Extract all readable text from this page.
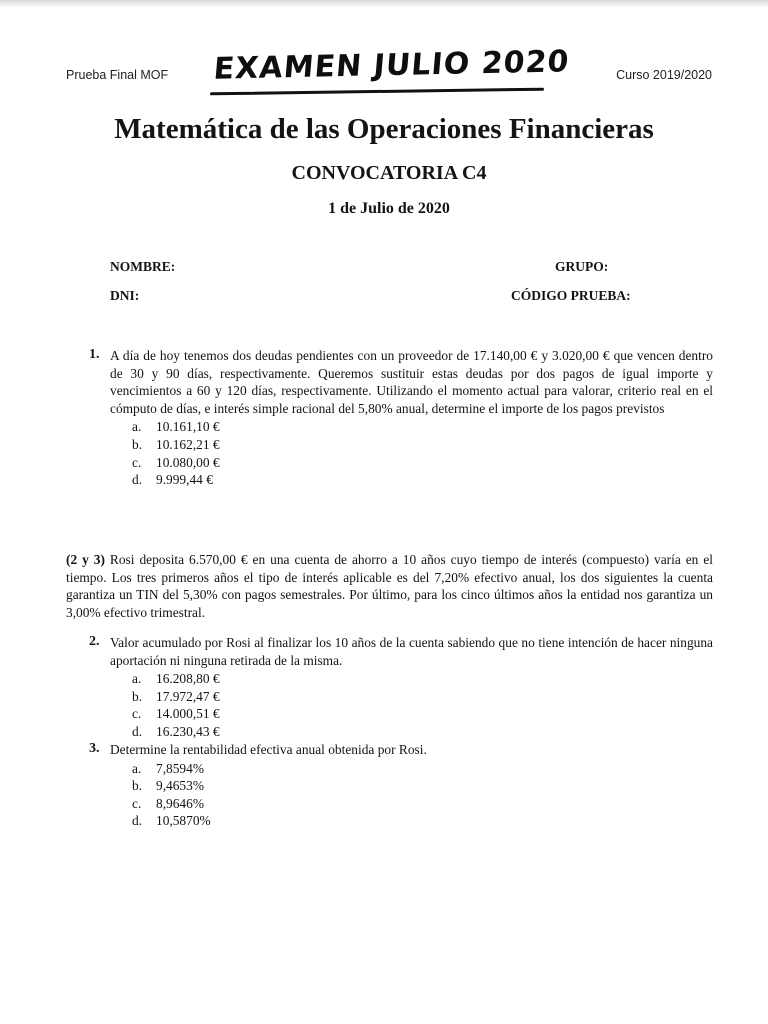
Prueba Final MOF EXAMEN JULIO 2020	Curso 2019/2020
Matemática de las Operaciones Financieras
CONVOCATORIA C4
1 de Julio de 2020
NOMBRE:	GRUPO:
DNI:	CÓDIGO PRUEBA:
1. A día de hoy tenemos dos deudas pendientes con un proveedor de 17.140,00 € y 3.020,00 € que vencen dentro de 30 y 90 días, respectivamente. Queremos sustituir estas deudas por dos pagos de igual importe y vencimientos a 60 y 120 días, respectivamente. Utilizando el momento actual para valorar, criterio real en el cómputo de días, e interés simple racional del 5,80% anual, determine el importe de los pagos previstos
a.	10.161,10 €
b.	10.162,21 €
c.	10.080,00 €
d.	9.999,44 €
(2 y 3) Rosi deposita 6.570,00 € en una cuenta de ahorro a 10 años cuyo tiempo de interés (compuesto) varía en el tiempo. Los tres primeros años el tipo de interés aplicable es del 7,20% efectivo anual, los dos siguientes la cuenta garantiza un TIN del 5,30% con pagos semestrales. Por último, para los cinco últimos años la entidad nos garantiza un 3,00% efectivo trimestral.
2. Valor acumulado por Rosi al finalizar los 10 años de la cuenta sabiendo que no tiene intención de hacer ninguna aportación ni ninguna retirada de la misma.
a.	16.208,80 €
b.	17.972,47 €
c.	14.000,51 €
d.	16.230,43 €
3. Determine la rentabilidad efectiva anual obtenida por Rosi.
a.	7,8594%
b.	9,4653%
c.	8,9646%
d.	10,5870%
